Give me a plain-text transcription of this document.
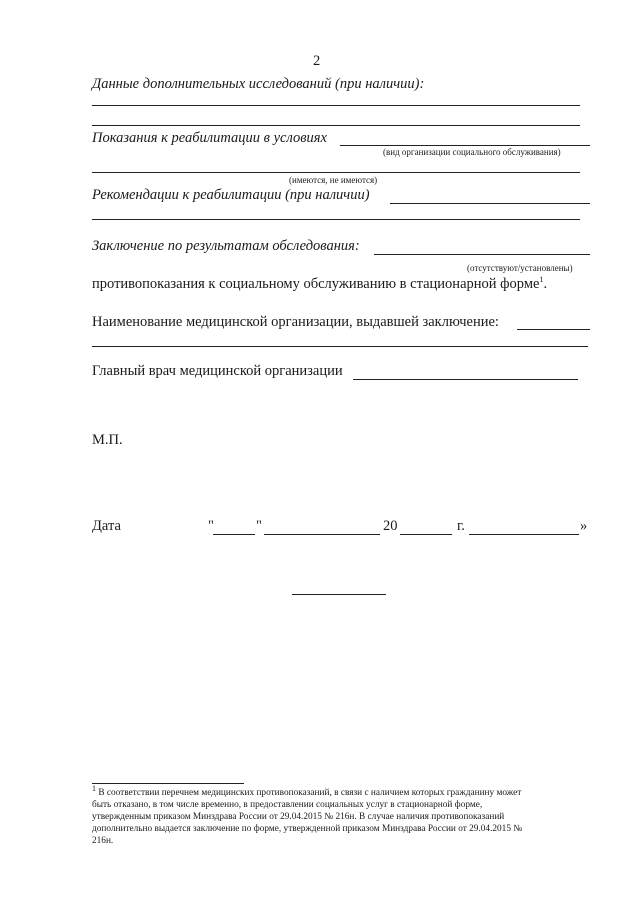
2
Данные дополнительных исследований (при наличии):
Показания к реабилитации в условиях
(вид организации социального обслуживания)
(имеются, не имеются)
Рекомендации к реабилитации (при наличии)
Заключение по результатам обследования:
(отсутствуют/установлены)
противопоказания к социальному обслуживанию в стационарной форме$^1$.
Наименование медицинской организации, выдавшей заключение:
Главный врач медицинской организации
М.П.
Дата	"	"	20	г.	»
$^1$ В соответствии перечнем медицинских противопоказаний, в связи с наличием которых гражданину может
быть отказано, в том числе временно, в предоставлении социальных услуг в стационарной форме,
утвержденным приказом Минздрава России от 29.04.2015 № 216н. В случае наличия противопоказаний
дополнительно выдается заключение по форме, утвержденной приказом Минздрава России от 29.04.2015 №
216н.
